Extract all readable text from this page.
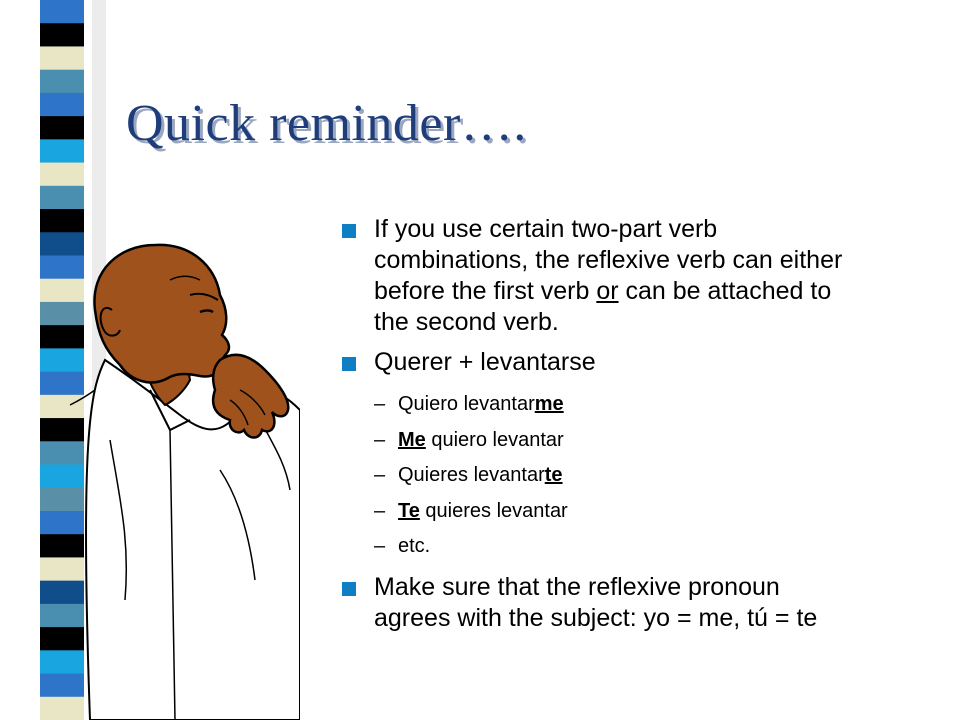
Quick reminder….
If you use certain two-part verb combinations, the reflexive verb can either before the first verb or can be attached to the second verb.
Querer + levantarse
– Quiero levantarme
– Me quiero levantar
– Quieres levantarte
– Te quieres levantar
– etc.
Make sure that the reflexive pronoun agrees with the subject: yo = me, tú = te
